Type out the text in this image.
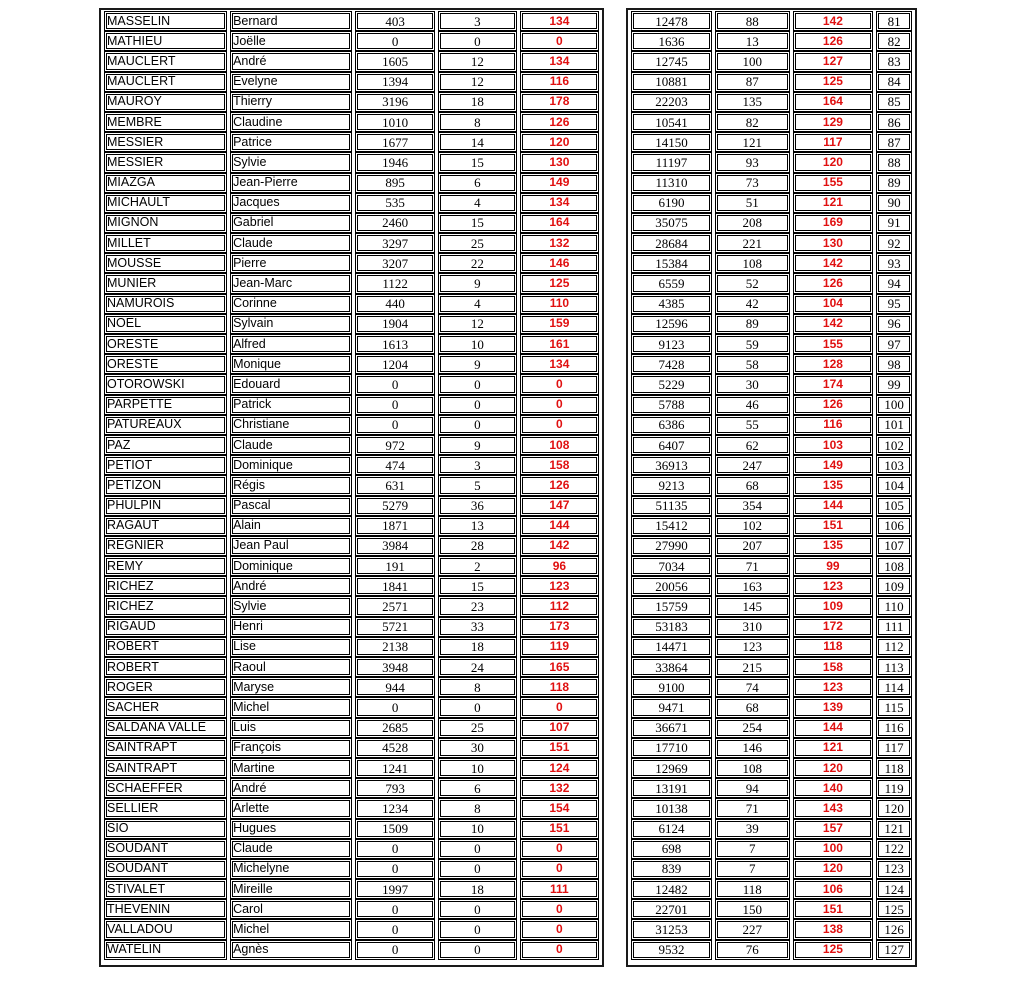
MASSELIN	Bernard	403	3	134
MATHIEU	Joëlle	0	0	0
MAUCLERT	André	1605	12	134
MAUCLERT	Evelyne	1394	12	116
MAUROY	Thierry	3196	18	178
MEMBRE	Claudine	1010	8	126
MESSIER	Patrice	1677	14	120
MESSIER	Sylvie	1946	15	130
MIAZGA	Jean-Pierre	895	6	149
MICHAULT	Jacques	535	4	134
MIGNON	Gabriel	2460	15	164
MILLET	Claude	3297	25	132
MOUSSE	Pierre	3207	22	146
MUNIER	Jean-Marc	1122	9	125
NAMUROIS	Corinne	440	4	110
NOEL	Sylvain	1904	12	159
ORESTE	Alfred	1613	10	161
ORESTE	Monique	1204	9	134
OTOROWSKI	Edouard	0	0	0
PARPETTE	Patrick	0	0	0
PATUREAUX	Christiane	0	0	0
PAZ	Claude	972	9	108
PETIOT	Dominique	474	3	158
PETIZON	Régis	631	5	126
PHULPIN	Pascal	5279	36	147
RAGAUT	Alain	1871	13	144
REGNIER	Jean Paul	3984	28	142
REMY	Dominique	191	2	96
RICHEZ	André	1841	15	123
RICHEZ	Sylvie	2571	23	112
RIGAUD	Henri	5721	33	173
ROBERT	Lise	2138	18	119
ROBERT	Raoul	3948	24	165
ROGER	Maryse	944	8	118
SACHER	Michel	0	0	0
SALDANA VALLE	Luis	2685	25	107
SAINTRAPT	François	4528	30	151
SAINTRAPT	Martine	1241	10	124
SCHAEFFER	André	793	6	132
SELLIER	Arlette	1234	8	154
SIO	Hugues	1509	10	151
SOUDANT	Claude	0	0	0
SOUDANT	Michelyne	0	0	0
STIVALET	Mireille	1997	18	111
THEVENIN	Carol	0	0	0
VALLADOU	Michel	0	0	0
WATELIN	Agnès	0	0	0
12478	88	142	81
1636	13	126	82
12745	100	127	83
10881	87	125	84
22203	135	164	85
10541	82	129	86
14150	121	117	87
11197	93	120	88
11310	73	155	89
6190	51	121	90
35075	208	169	91
28684	221	130	92
15384	108	142	93
6559	52	126	94
4385	42	104	95
12596	89	142	96
9123	59	155	97
7428	58	128	98
5229	30	174	99
5788	46	126	100
6386	55	116	101
6407	62	103	102
36913	247	149	103
9213	68	135	104
51135	354	144	105
15412	102	151	106
27990	207	135	107
7034	71	99	108
20056	163	123	109
15759	145	109	110
53183	310	172	111
14471	123	118	112
33864	215	158	113
9100	74	123	114
9471	68	139	115
36671	254	144	116
17710	146	121	117
12969	108	120	118
13191	94	140	119
10138	71	143	120
6124	39	157	121
698	7	100	122
839	7	120	123
12482	118	106	124
22701	150	151	125
31253	227	138	126
9532	76	125	127
